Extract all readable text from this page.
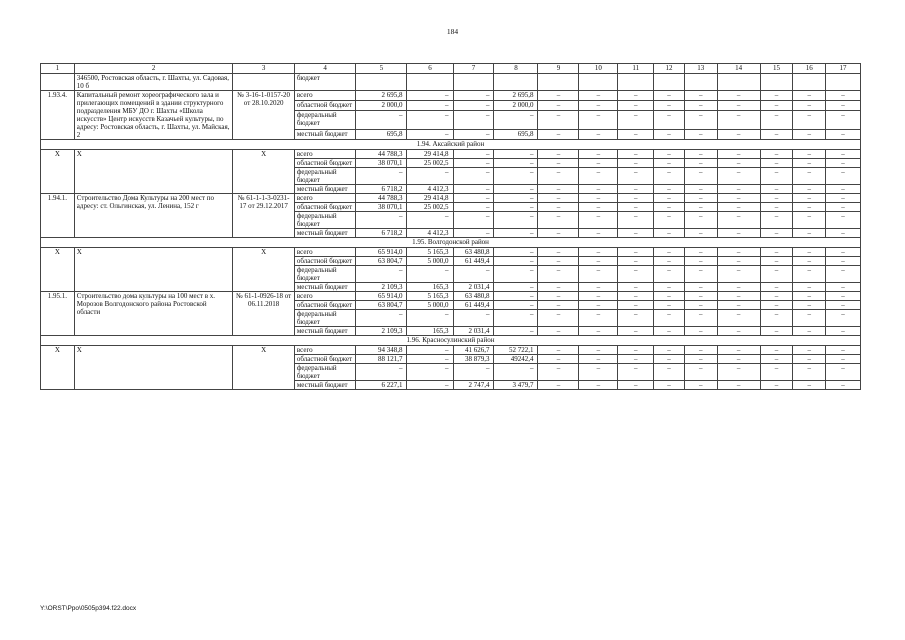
184
1	2	3	4	5	6	7	8	9	10	11	12	13	14	15	16	17
	346500, Ростовская область, г. Шахты, ул. Садовая, 10 б		бюджет													
1.93.4.	Капитальный ремонт хореографического зала и прилегающих помещений в здании структурного подразделения МБУ ДО г. Шахты «Школа искусств» Центр искусств Казачьей культуры, по адресу: Ростовская область, г. Шахты, ул. Майская, 2	№ 3-16-1-0157-20 от 28.10.2020	всего	2 695,8	–	–	2 695,8	–	–	–	–	–	–	–	–	–
			областной бюджет	2 000,0	–	–	2 000,0	–	–	–	–	–	–	–	–	–
			федеральный бюджет	–	–	–	–	–	–	–	–	–	–	–	–	–
			местный бюджет	695,8	–	–	695,8	–	–	–	–	–	–	–	–	–
1.94. Аксайский район																
Х	Х	Х	всего	44 788,3	29 414,8	–	–	–	–	–	–	–	–	–	–	–
			областной бюджет	38 070,1	25 002,5	–	–	–	–	–	–	–	–	–	–	–
			федеральный бюджет	–	–	–	–	–	–	–	–	–	–	–	–	–
			местный бюджет	6 718,2	4 412,3	–	–	–	–	–	–	–	–	–	–	–
1.94.1.	Строительство Дома Культуры на 200 мест по адресу: ст. Ольгинская, ул. Ленина, 152 г	№ 61-1-1-3-0231-17 от 29.12.2017	всего	44 788,3	29 414,8	–	–	–	–	–	–	–	–	–	–	–
			областной бюджет	38 070,1	25 002,5	–	–	–	–	–	–	–	–	–	–	–
			федеральный бюджет	–	–	–	–	–	–	–	–	–	–	–	–	–
			местный бюджет	6 718,2	4 412,3	–	–	–	–	–	–	–	–	–	–	–
1.95. Волгодонской район																
Х	Х	Х	всего	65 914,0	5 165,3	63 480,8	–	–	–	–	–	–	–	–	–	–
			областной бюджет	63 804,7	5 000,0	61 449,4	–	–	–	–	–	–	–	–	–	–
			федеральный бюджет	–	–	–	–	–	–	–	–	–	–	–	–	–
			местный бюджет	2 109,3	165,3	2 031,4	–	–	–	–	–	–	–	–	–	–
1.95.1.	Строительство дома культуры на 100 мест в х. Морозов Волгодонского района Ростовской области	№ 61-1-0926-18 от 06.11.2018	всего	65 914,0	5 165,3	63 480,8	–	–	–	–	–	–	–	–	–	–
			областной бюджет	63 804,7	5 000,0	61 449,4	–	–	–	–	–	–	–	–	–	–
			федеральный бюджет	–	–	–	–	–	–	–	–	–	–	–	–	–
			местный бюджет	2 109,3	165,3	2 031,4	–	–	–	–	–	–	–	–	–	–
1.96. Красносулинский район																
Х	Х	Х	всего	94 348,8	–	41 626,7	52 722,1	–	–	–	–	–	–	–	–	–
			областной бюджет	88 121,7	–	38 879,3	49242,4	–	–	–	–	–	–	–	–	–
			федеральный бюджет	–	–	–	–	–	–	–	–	–	–	–	–	–
			местный бюджет	6 227,1	–	2 747,4	3 479,7	–	–	–	–	–	–	–	–	–
Y:\ORST\Ppo\0505p394.f22.docx
